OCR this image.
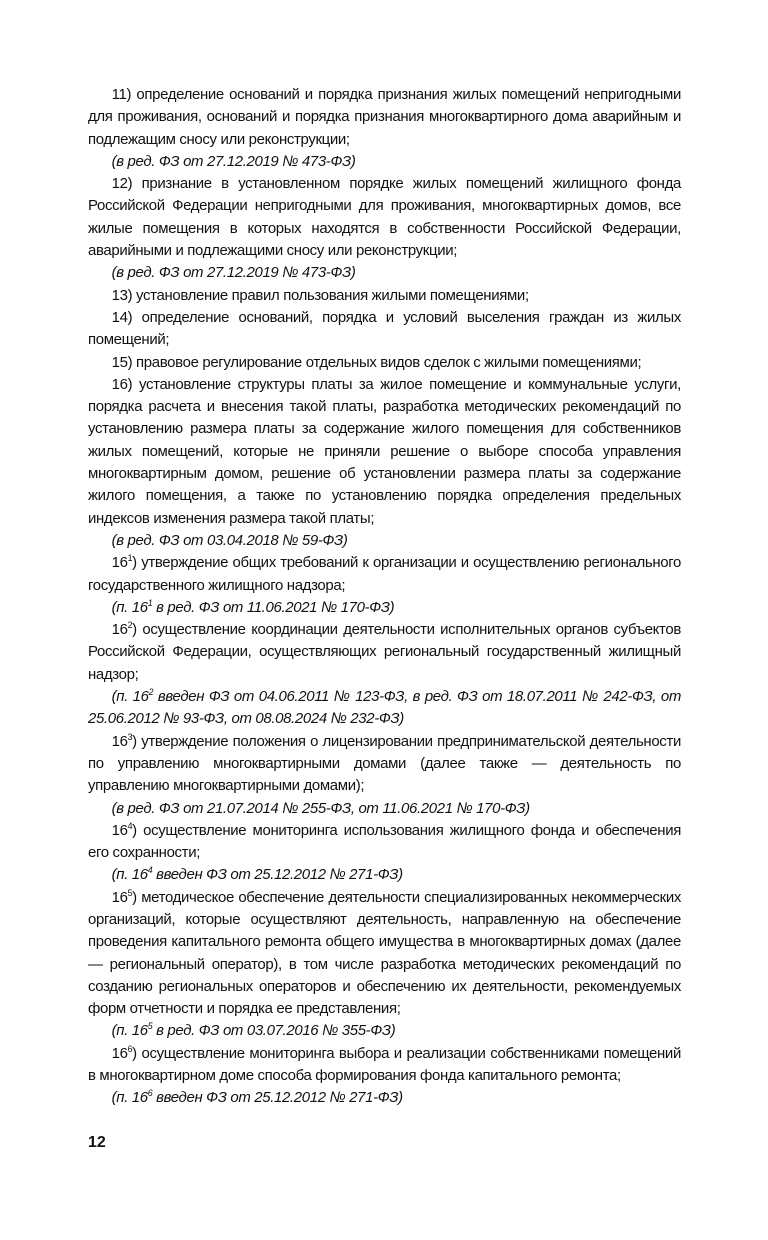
11) определение оснований и порядка признания жилых помещений непригодными для проживания, оснований и порядка признания многоквартирного дома аварийным и подлежащим сносу или реконструкции;

(в ред. ФЗ от 27.12.2019 № 473-ФЗ)

12) признание в установленном порядке жилых помещений жилищного фонда Российской Федерации непригодными для проживания, многоквартирных домов, все жилые помещения в которых находятся в собственности Российской Федерации, аварийными и подлежащими сносу или реконструкции;

(в ред. ФЗ от 27.12.2019 № 473-ФЗ)

13) установление правил пользования жилыми помещениями;

14) определение оснований, порядка и условий выселения граждан из жилых помещений;

15) правовое регулирование отдельных видов сделок с жилыми помещениями;

16) установление структуры платы за жилое помещение и коммунальные услуги, порядка расчета и внесения такой платы, разработка методических рекомендаций по установлению размера платы за содержание жилого помещения для собственников жилых помещений, которые не приняли решение о выборе способа управления многоквартирным домом, решение об установлении размера платы за содержание жилого помещения, а также по установлению порядка определения предельных индексов изменения размера такой платы;

(в ред. ФЗ от 03.04.2018 № 59-ФЗ)

$16^1$) утверждение общих требований к организации и осуществлению регионального государственного жилищного надзора;

(п. $16^1$ в ред. ФЗ от 11.06.2021 № 170-ФЗ)

$16^2$) осуществление координации деятельности исполнительных органов субъектов Российской Федерации, осуществляющих региональный государственный жилищный надзор;

(п. $16^2$ введен ФЗ от 04.06.2011 № 123-ФЗ, в ред. ФЗ от 18.07.2011 № 242-ФЗ, от 25.06.2012 № 93-ФЗ, от 08.08.2024 № 232-ФЗ)

$16^3$) утверждение положения о лицензировании предпринимательской деятельности по управлению многоквартирными домами (далее также — деятельность по управлению многоквартирными домами);

(в ред. ФЗ от 21.07.2014 № 255-ФЗ, от 11.06.2021 № 170-ФЗ)

$16^4$) осуществление мониторинга использования жилищного фонда и обеспечения его сохранности;

(п. $16^4$ введен ФЗ от 25.12.2012 № 271-ФЗ)

$16^5$) методическое обеспечение деятельности специализированных некоммерческих организаций, которые осуществляют деятельность, направленную на обеспечение проведения капитального ремонта общего имущества в многоквартирных домах (далее — региональный оператор), в том числе разработка методических рекомендаций по созданию региональных операторов и обеспечению их деятельности, рекомендуемых форм отчетности и порядка ее представления;

(п. $16^5$ в ред. ФЗ от 03.07.2016 № 355-ФЗ)

$16^6$) осуществление мониторинга выбора и реализации собственниками помещений в многоквартирном доме способа формирования фонда капитального ремонта;

(п. $16^6$ введен ФЗ от 25.12.2012 № 271-ФЗ)

12
